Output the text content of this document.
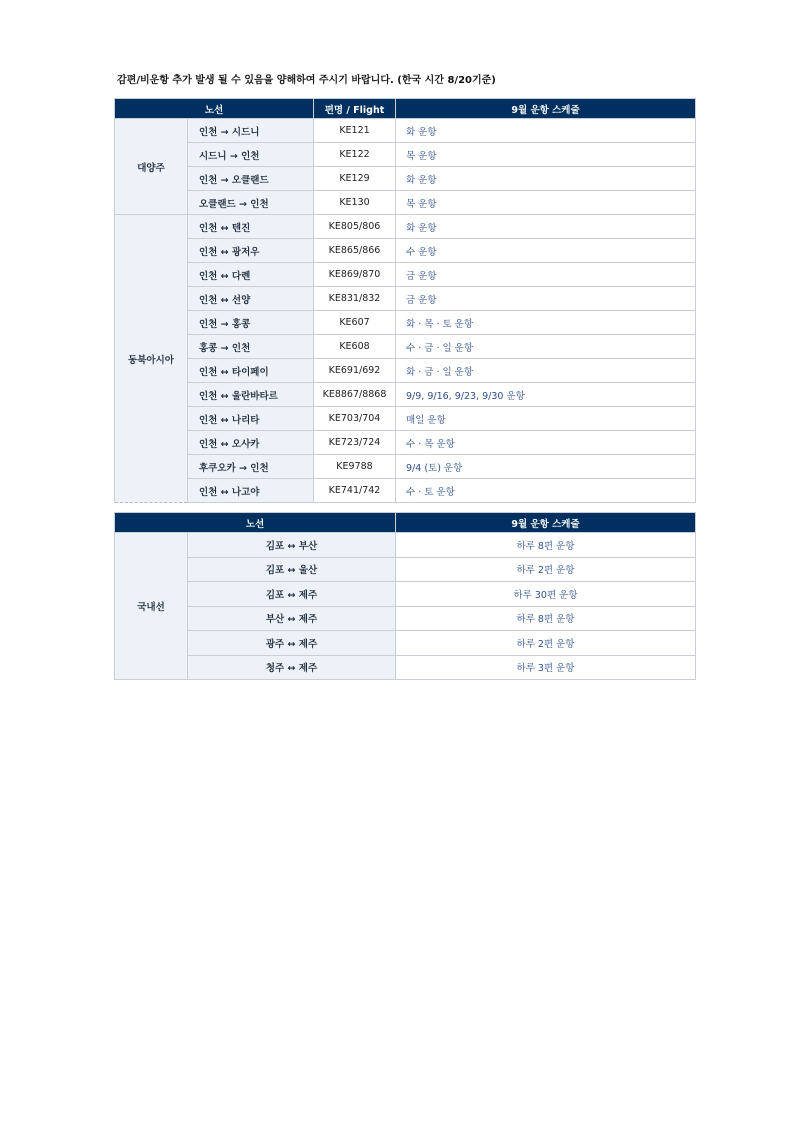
감편/비운항 추가 발생 될 수 있음을 양해하여 주시기 바랍니다. (한국 시간 8/20기준)
노선		편명 / Flight	9월 운항 스케줄
대양주	인천 → 시드니	KE121	화 운항
	시드니 → 인천	KE122	목 운항
	인천 → 오클랜드	KE129	화 운항
	오클랜드 → 인천	KE130	목 운항
동북아시아	인천 ↔ 텐진	KE805/806	화 운항
	인천 ↔ 광저우	KE865/866	수 운항
	인천 ↔ 다롄	KE869/870	금 운항
	인천 ↔ 선양	KE831/832	금 운항
	인천 → 홍콩	KE607	화 · 목 · 토 운항
	홍콩 → 인천	KE608	수 · 금 · 일 운항
	인천 ↔ 타이페이	KE691/692	화 · 금 · 일 운항
	인천 ↔ 울란바타르	KE8867/8868	9/9, 9/16, 9/23, 9/30 운항
	인천 ↔ 나리타	KE703/704	매일 운항
	인천 ↔ 오사카	KE723/724	수 · 목 운항
	후쿠오카 → 인천	KE9788	9/4 (토) 운항
	인천 ↔ 나고야	KE741/742	수 · 토 운항
노선		9월 운항 스케줄
국내선	김포 ↔ 부산	하루 8편 운항
	김포 ↔ 울산	하루 2편 운항
	김포 ↔ 제주	하루 30편 운항
	부산 ↔ 제주	하루 8편 운항
	광주 ↔ 제주	하루 2편 운항
	청주 ↔ 제주	하루 3편 운항
